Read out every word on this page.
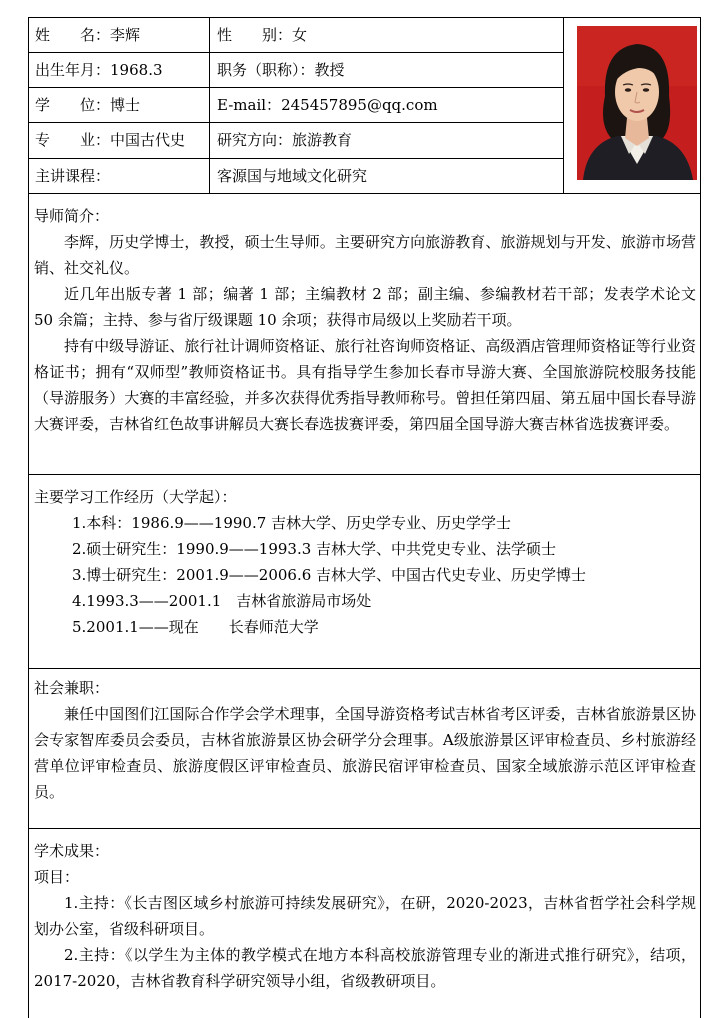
姓　　名：李辉	性　　别：女
出生年月：1968.3	职务（职称）：教授
学　　位：博士	E-mail：245457895@qq.com
专　　业：中国古代史 研究方向：旅游教育
主讲课程：	客源国与地域文化研究

导师简介：

李辉，历史学博士，教授，硕士生导师。主要研究方向旅游教育、旅游规划与开发、旅游市场营销、社交礼仪。

近几年出版专著 1 部；编著 1 部；主编教材 2 部；副主编、参编教材若干部；发表学术论文 50 余篇；主持、参与省厅级课题 10 余项；获得市局级以上奖励若干项。

持有中级导游证、旅行社计调师资格证、旅行社咨询师资格证、高级酒店管理师资格证等行业资格证书；拥有“双师型”教师资格证书。具有指导学生参加长春市导游大赛、全国旅游院校服务技能（导游服务）大赛的丰富经验，并多次获得优秀指导教师称号。曾担任第四届、第五届中国长春导游大赛评委，吉林省红色故事讲解员大赛长春选拔赛评委，第四届全国导游大赛吉林省选拔赛评委。

主要学习工作经历（大学起）：

1.本科：1986.9——1990.7 吉林大学、历史学专业、历史学学士

2.硕士研究生：1990.9——1993.3 吉林大学、中共党史专业、法学硕士

3.博士研究生：2001.9——2006.6 吉林大学、中国古代史专业、历史学博士

4.1993.3——2001.1　吉林省旅游局市场处

5.2001.1——现在　　长春师范大学

社会兼职：

兼任中国图们江国际合作学会学术理事，全国导游资格考试吉林省考区评委，吉林省旅游景区协会专家智库委员会委员，吉林省旅游景区协会研学分会理事。A级旅游景区评审检查员、乡村旅游经营单位评审检查员、旅游度假区评审检查员、旅游民宿评审检查员、国家全域旅游示范区评审检查员。

学术成果：

项目：

1.主持：《长吉图区域乡村旅游可持续发展研究》，在研，2020-2023，吉林省哲学社会科学规划办公室，省级科研项目。

2.主持：《以学生为主体的教学模式在地方本科高校旅游管理专业的渐进式推行研究》，结项，2017-2020，吉林省教育科学研究领导小组，省级教研项目。
